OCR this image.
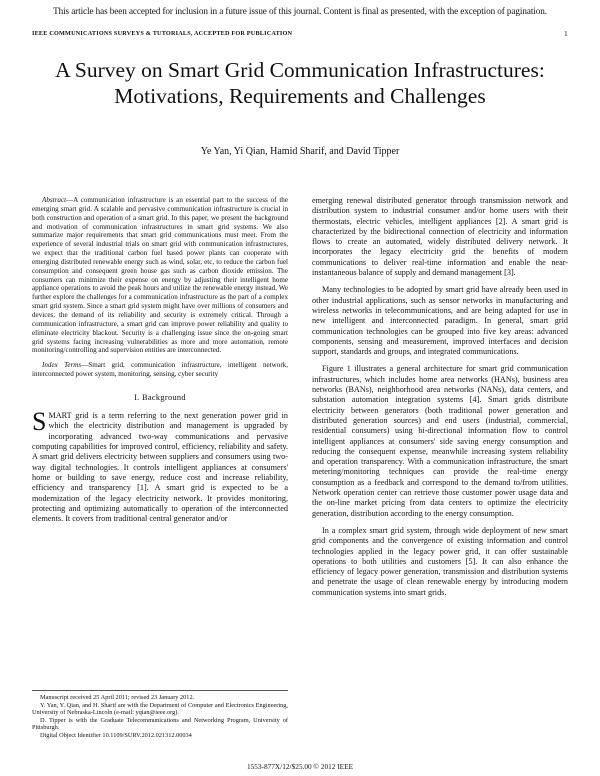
This article has been accepted for inclusion in a future issue of this journal. Content is final as presented, with the exception of pagination.
IEEE COMMUNICATIONS SURVEYS & TUTORIALS, ACCEPTED FOR PUBLICATION	1
A Survey on Smart Grid Communication Infrastructures: Motivations, Requirements and Challenges
Ye Yan, Yi Qian, Hamid Sharif, and David Tipper

Abstract—A communication infrastructure is an essential part to the success of the emerging smart grid. A scalable and pervasive communication infrastructure is crucial in both construction and operation of a smart grid. In this paper, we present the background and motivation of communication infrastructures in smart grid systems. We also summarize major requirements that smart grid communications must meet. From the experience of several industrial trials on smart grid with communication infrastructures, we expect that the traditional carbon fuel based power plants can cooperate with emerging distributed renewable energy such as wind, solar, etc, to reduce the carbon fuel consumption and consequent green house gas such as carbon dioxide emission. The consumers can minimize their expense on energy by adjusting their intelligent home appliance operations to avoid the peak hours and utilize the renewable energy instead. We further explore the challenges for a communication infrastructure as the part of a complex smart grid system. Since a smart grid system might have over millions of consumers and devices, the demand of its reliability and security is extremely critical. Through a communication infrastructure, a smart grid can improve power reliability and quality to eliminate electricity blackout. Security is a challenging issue since the on-going smart grid systems facing increasing vulnerabilities as more and more automation, remote monitoring/controlling and supervision entities are interconnected.

Index Terms—Smart grid, communication infrastructure, intelligent network, interconnected power system, monitoring, sensing, cyber security

I. Background

SMART grid is a term referring to the next generation power grid in which the electricity distribution and management is upgraded by incorporating advanced two-way communications and pervasive computing capabilities for improved control, efficiency, reliability and safety. A smart grid delivers electricity between suppliers and consumers using two-way digital technologies. It controls intelligent appliances at consumers' home or building to save energy, reduce cost and increase reliability, efficiency and transparency [1]. A smart grid is expected to be a modernization of the legacy electricity network. It provides monitoring, protecting and optimizing automatically to operation of the interconnected elements. It covers from traditional central generator and/or

Manuscript received 25 April 2011; revised 23 January 2012.

Y. Yan, Y. Qian, and H. Sharif are with the Department of Computer and Electronics Engineering, University of Nebraska-Lincoln (e-mail: yqian@ieee.org).

D. Tipper is with the Graduate Telecommunications and Networking Program, University of Pittsburgh.

Digital Object Identifier 10.1109/SURV.2012.021312.00034

emerging renewal distributed generator through transmission network and distribution system to industrial consumer and/or home users with their thermostats, electric vehicles, intelligent appliances [2]. A smart grid is characterized by the bidirectional connection of electricity and information flows to create an automated, widely distributed delivery network. It incorporates the legacy electricity grid the benefits of modern communications to deliver real-time information and enable the near-instantaneous balance of supply and demand management [3].

Many technologies to be adopted by smart grid have already been used in other industrial applications, such as sensor networks in manufacturing and wireless networks in telecommunications, and are being adapted for use in new intelligent and interconnected paradigm. In general, smart grid communication technologies can be grouped into five key areas: advanced components, sensing and measurement, improved interfaces and decision support, standards and groups, and integrated communications.

Figure 1 illustrates a general architecture for smart grid communication infrastructures, which includes home area networks (HANs), business area networks (BANs), neighborhood area networks (NANs), data centers, and substation automation integration systems [4]. Smart grids distribute electricity between generators (both traditional power generation and distributed generation sources) and end users (industrial, commercial, residential consumers) using bi-directional information flow to control intelligent appliances at consumers' side saving energy consumption and reducing the consequent expense, meanwhile increasing system reliability and operation transparency. With a communication infrastructure, the smart metering/monitoring techniques can provide the real-time energy consumption as a feedback and correspond to the demand to/from utilities. Network operation center can retrieve those customer power usage data and the on-line market pricing from data centers to optimize the electricity generation, distribution according to the energy consumption.

In a complex smart grid system, through wide deployment of new smart grid components and the convergence of existing information and control technologies applied in the legacy power grid, it can offer sustainable operations to both utilities and customers [5]. It can also enhance the efficiency of legacy power generation, transmission and distribution systems and penetrate the usage of clean renewable energy by introducing modern communication systems into smart grids.

1553-877X/12/$25.00 © 2012 IEEE
